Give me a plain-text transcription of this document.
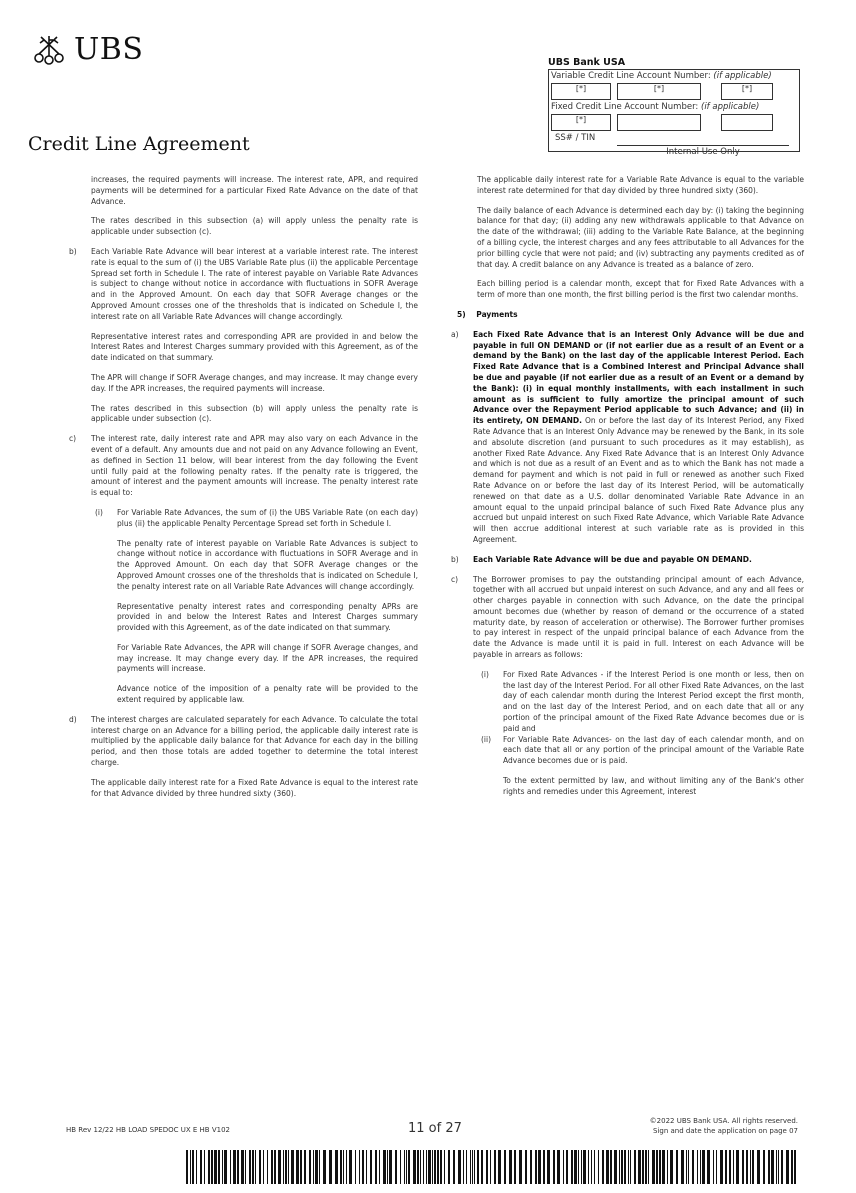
UBS
Credit Line Agreement
UBS Bank USA
Variable Credit Line Account Number: (if applicable)
[*]	[*]	[*]
Fixed Credit Line Account Number: (if applicable)
[*]
SS# / TIN
Internal Use Only

increases, the required payments will increase. The interest rate, APR, and required payments will be determined for a particular Fixed Rate Advance on the date of that Advance.

The rates described in this subsection (a) will apply unless the penalty rate is applicable under subsection (c).

b) Each Variable Rate Advance will bear interest at a variable interest rate. The interest rate is equal to the sum of (i) the UBS Variable Rate plus (ii) the applicable Percentage Spread set forth in Schedule I. The rate of interest payable on Variable Rate Advances is subject to change without notice in accordance with fluctuations in SOFR Average and in the Approved Amount. On each day that SOFR Average changes or the Approved Amount crosses one of the thresholds that is indicated on Schedule I, the interest rate on all Variable Rate Advances will change accordingly.

Representative interest rates and corresponding APR are provided in and below the Interest Rates and Interest Charges summary provided with this Agreement, as of the date indicated on that summary.

The APR will change if SOFR Average changes, and may increase. It may change every day. If the APR increases, the required payments will increase.

The rates described in this subsection (b) will apply unless the penalty rate is applicable under subsection (c).

c) The interest rate, daily interest rate and APR may also vary on each Advance in the event of a default. Any amounts due and not paid on any Advance following an Event, as defined in Section 11 below, will bear interest from the day following the Event until fully paid at the following penalty rates. If the penalty rate is triggered, the amount of interest and the payment amounts will increase. The penalty interest rate is equal to:

(i) For Variable Rate Advances, the sum of (i) the UBS Variable Rate (on each day) plus (ii) the applicable Penalty Percentage Spread set forth in Schedule I.

The penalty rate of interest payable on Variable Rate Advances is subject to change without notice in accordance with fluctuations in SOFR Average and in the Approved Amount. On each day that SOFR Average changes or the Approved Amount crosses one of the thresholds that is indicated on Schedule I, the penalty interest rate on all Variable Rate Advances will change accordingly.

Representative penalty interest rates and corresponding penalty APRs are provided in and below the Interest Rates and Interest Charges summary provided with this Agreement, as of the date indicated on that summary.

For Variable Rate Advances, the APR will change if SOFR Average changes, and may increase. It may change every day. If the APR increases, the required payments will increase.

Advance notice of the imposition of a penalty rate will be provided to the extent required by applicable law.

d) The interest charges are calculated separately for each Advance. To calculate the total interest charge on an Advance for a billing period, the applicable daily interest rate is multiplied by the applicable daily balance for that Advance for each day in the billing period, and then those totals are added together to determine the total interest charge.

The applicable daily interest rate for a Fixed Rate Advance is equal to the interest rate for that Advance divided by three hundred sixty (360).

The applicable daily interest rate for a Variable Rate Advance is equal to the variable interest rate determined for that day divided by three hundred sixty (360).

The daily balance of each Advance is determined each day by: (i) taking the beginning balance for that day; (ii) adding any new withdrawals applicable to that Advance on the date of the withdrawal; (iii) adding to the Variable Rate Balance, at the beginning of a billing cycle, the interest charges and any fees attributable to all Advances for the prior billing cycle that were not paid; and (iv) subtracting any payments credited as of that day. A credit balance on any Advance is treated as a balance of zero.

Each billing period is a calendar month, except that for Fixed Rate Advances with a term of more than one month, the first billing period is the first two calendar months.

5) Payments

a) Each Fixed Rate Advance that is an Interest Only Advance will be due and payable in full ON DEMAND or (if not earlier due as a result of an Event or a demand by the Bank) on the last day of the applicable Interest Period. Each Fixed Rate Advance that is a Combined Interest and Principal Advance shall be due and payable (if not earlier due as a result of an Event or a demand by the Bank): (i) in equal monthly installments, with each installment in such amount as is sufficient to fully amortize the principal amount of such Advance over the Repayment Period applicable to such Advance; and (ii) in its entirety, ON DEMAND. On or before the last day of its Interest Period, any Fixed Rate Advance that is an Interest Only Advance may be renewed by the Bank, in its sole and absolute discretion (and pursuant to such procedures as it may establish), as another Fixed Rate Advance. Any Fixed Rate Advance that is an Interest Only Advance and which is not due as a result of an Event and as to which the Bank has not made a demand for payment and which is not paid in full or renewed as another such Fixed Rate Advance on or before the last day of its Interest Period, will be automatically renewed on that date as a U.S. dollar denominated Variable Rate Advance in an amount equal to the unpaid principal balance of such Fixed Rate Advance plus any accrued but unpaid interest on such Fixed Rate Advance, which Variable Rate Advance will then accrue additional interest at such variable rate as is provided in this Agreement.

b) Each Variable Rate Advance will be due and payable ON DEMAND.

c) The Borrower promises to pay the outstanding principal amount of each Advance, together with all accrued but unpaid interest on such Advance, and any and all fees or other charges payable in connection with such Advance, on the date the principal amount becomes due (whether by reason of demand or the occurrence of a stated maturity date, by reason of acceleration or otherwise). The Borrower further promises to pay interest in respect of the unpaid principal balance of each Advance from the date the Advance is made until it is paid in full. Interest on each Advance will be payable in arrears as follows:

(i) For Fixed Rate Advances - if the Interest Period is one month or less, then on the last day of the Interest Period. For all other Fixed Rate Advances, on the last day of each calendar month during the Interest Period except the first month, and on the last day of the Interest Period, and on each date that all or any portion of the principal amount of the Fixed Rate Advance becomes due or is paid and

(ii) For Variable Rate Advances- on the last day of each calendar month, and on each date that all or any portion of the principal amount of the Variable Rate Advance becomes due or is paid.

To the extent permitted by law, and without limiting any of the Bank's other rights and remedies under this Agreement, interest

HB Rev 12/22 HB LOAD SPEDOC UX E HB V102	11 of 27	©2022 UBS Bank USA. All rights reserved.
Sign and date the application on page 07
